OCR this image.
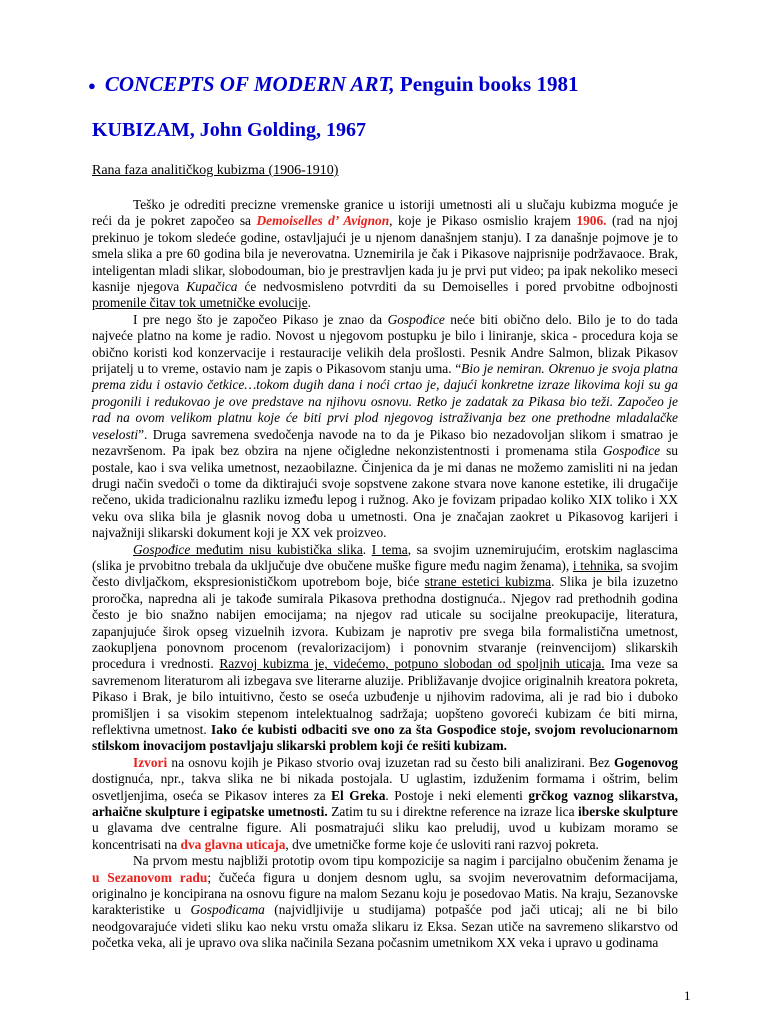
● CONCEPTS OF MODERN ART, Penguin books 1981
KUBIZAM, John Golding, 1967
Rana faza analitičkog kubizma (1906-1910)

Teško je odrediti precizne vremenske granice u istoriji umetnosti ali u slučaju kubizma moguće je reći da je pokret započeo sa Demoiselles d’ Avignon, koje je Pikaso osmislio krajem 1906. (rad na njoj prekinuo je tokom sledeće godine, ostavljajući je u njenom današnjem stanju). I za današnje pojmove je to smela slika a pre 60 godina bila je neverovatna. Uznemirila je čak i Pikasove najprisnije podržavaoce. Brak, inteligentan mladi slikar, slobodouman, bio je prestravljen kada ju je prvi put video; pa ipak nekoliko meseci kasnije njegova Kupačica će nedvosmisleno potvrditi da su Demoiselles i pored prvobitne odbojnosti promenile čitav tok umetničke evolucije.

I pre nego što je započeo Pikaso je znao da Gospođice neće biti obično delo. Bilo je to do tada najveće platno na kome je radio. Novost u njegovom postupku je bilo i liniranje, skica - procedura koja se obično koristi kod konzervacije i restauracije velikih dela prošlosti. Pesnik Andre Salmon, blizak Pikasov prijatelj u to vreme, ostavio nam je zapis o Pikasovom stanju uma. “Bio je nemiran. Okrenuo je svoja platna prema zidu i ostavio četkice…tokom dugih dana i noći crtao je, dajući konkretne izraze likovima koji su ga progonili i redukovao je ove predstave na njihovu osnovu. Retko je zadatak za Pikasa bio teži. Započeo je rad na ovom velikom platnu koje će biti prvi plod njegovog istraživanja bez one prethodne mladalačke veselosti”. Druga savremena svedočenja navode na to da je Pikaso bio nezadovoljan slikom i smatrao je nezavršenom. Pa ipak bez obzira na njene očigledne nekonzistentnosti i promenama stila Gospođice su postale, kao i sva velika umetnost, nezaobilazne. Činjenica da je mi danas ne možemo zamisliti ni na jedan drugi način svedoči o tome da diktirajući svoje sopstvene zakone stvara nove kanone estetike, ili drugačije rečeno, ukida tradicionalnu razliku između lepog i ružnog. Ako je fovizam pripadao koliko XIX toliko i XX veku ova slika bila je glasnik novog doba u umetnosti. Ona je značajan zaokret u Pikasovog karijeri i najvažniji slikarski dokument koji je XX vek proizveo.

Gospođice međutim nisu kubistička slika. I tema, sa svojim uznemirujućim, erotskim naglascima (slika je prvobitno trebala da uključuje dve obučene muške figure među nagim ženama), i tehnika, sa svojim često divljačkom, ekspresionističkom upotrebom boje, biće strane estetici kubizma. Slika je bila izuzetno proročka, napredna ali je takođe sumirala Pikasova prethodna dostignuća.. Njegov rad prethodnih godina često je bio snažno nabijen emocijama; na njegov rad uticale su socijalne preokupacije, literatura, zapanjujuće širok opseg vizuelnih izvora. Kubizam je naprotiv pre svega bila formalistična umetnost, zaokupljena ponovnom procenom (revalorizacijom) i ponovnim stvaranje (reinvencijom) slikarskih procedura i vrednosti. Razvoj kubizma je, videćemo, potpuno slobodan od spoljnih uticaja. Ima veze sa savremenom literaturom ali izbegava sve literarne aluzije. Približavanje dvojice originalnih kreatora pokreta, Pikaso i Brak, je bilo intuitivno, često se oseća uzbuđenje u njihovim radovima, ali je rad bio i duboko promišljen i sa visokim stepenom intelektualnog sadržaja; uopšteno govoreći kubizam će biti mirna, reflektivna umetnost. Iako će kubisti odbaciti sve ono za šta Gospođice stoje, svojom revolucionarnom stilskom inovacijom postavljaju slikarski problem koji će rešiti kubizam.

Izvori na osnovu kojih je Pikaso stvorio ovaj izuzetan rad su često bili analizirani. Bez Gogenovog dostignuća, npr., takva slika ne bi nikada postojala. U uglastim, izduženim formama i oštrim, belim osvetljenjima, oseća se Pikasov interes za El Greka. Postoje i neki elementi grčkog vaznog slikarstva, arhaične skulpture i egipatske umetnosti. Zatim tu su i direktne reference na izraze lica iberske skulpture u glavama dve centralne figure. Ali posmatrajući sliku kao preludij, uvod u kubizam moramo se koncentrisati na dva glavna uticaja, dve umetničke forme koje će usloviti rani razvoj pokreta.

Na prvom mestu najbliži prototip ovom tipu kompozicije sa nagim i parcijalno obučenim ženama je u Sezanovom radu; čučeća figura u donjem desnom uglu, sa svojim neverovatnim deformacijama, originalno je koncipirana na osnovu figure na malom Sezanu koju je posedovao Matis. Na kraju, Sezanovske karakteristike u Gospođicama (najvidljivije u studijama) potpašće pod jači uticaj; ali ne bi bilo neodgovarajuće videti sliku kao neku vrstu omaža slikaru iz Eksa. Sezan utiče na savremeno slikarstvo od početka veka, ali je upravo ova slika načinila Sezana počasnim umetnikom XX veka i upravo u godinama

1
